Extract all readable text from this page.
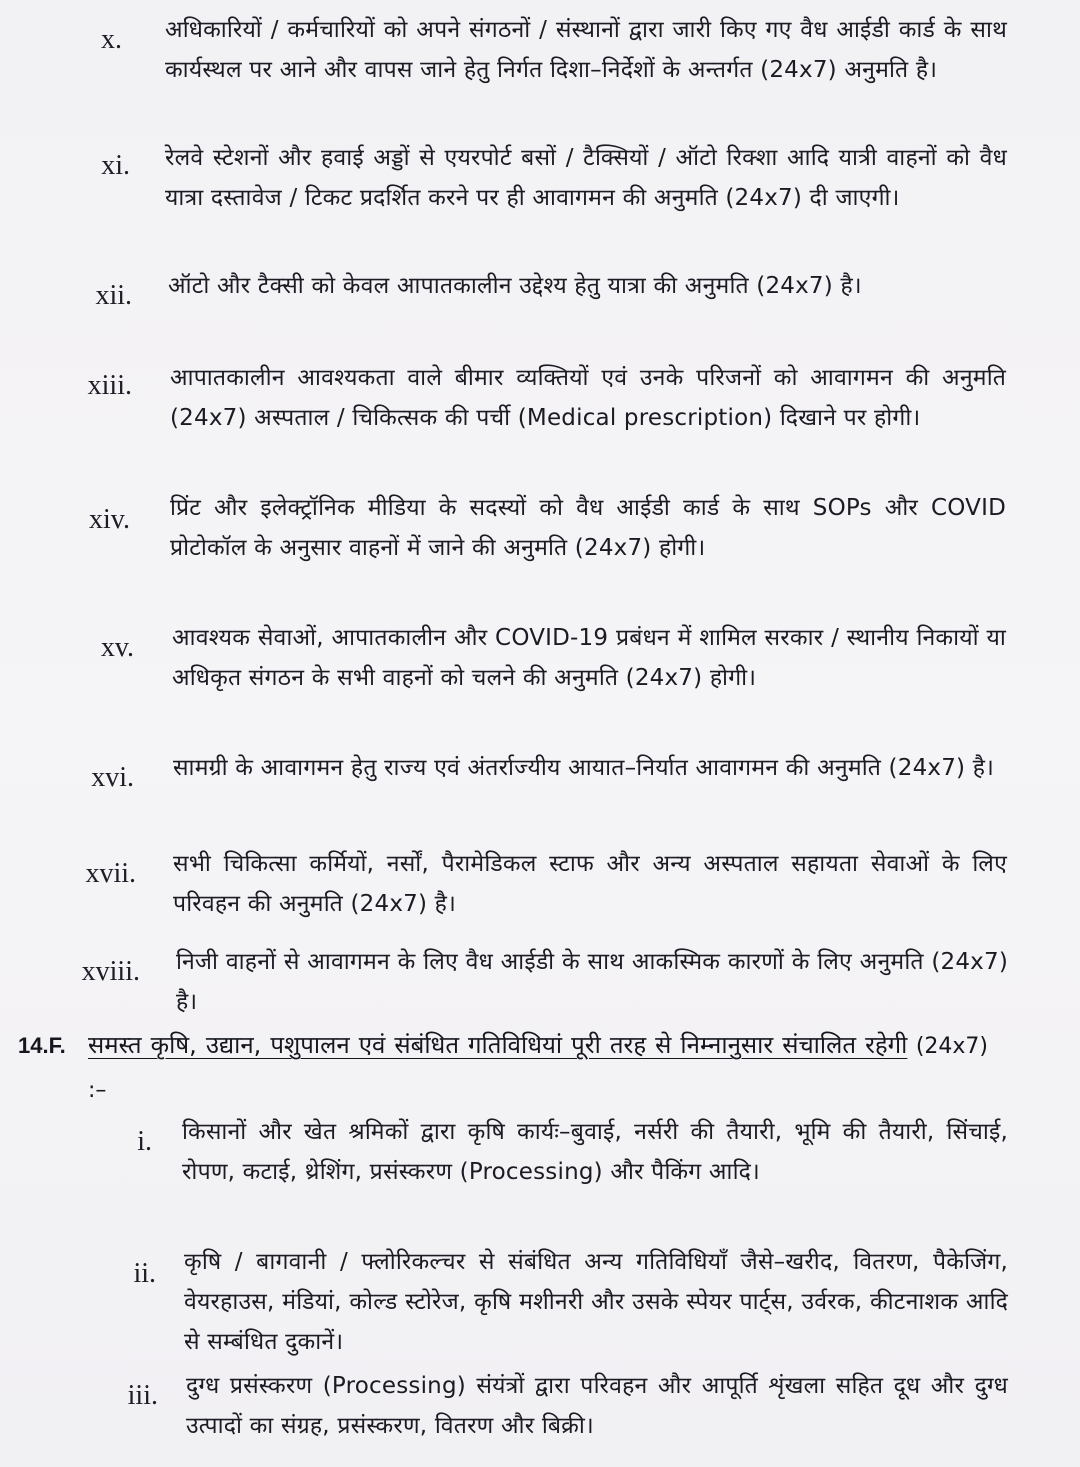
x. अधिकारियों / कर्मचारियों को अपने संगठनों / संस्थानों द्वारा जारी किए गए वैध आईडी कार्ड के साथ कार्यस्थल पर आने और वापस जाने हेतु निर्गत दिशा–निर्देशों के अन्तर्गत (24x7) अनुमति है।
xi. रेलवे स्टेशनों और हवाई अड्डों से एयरपोर्ट बसों / टैक्सियों / ऑटो रिक्शा आदि यात्री वाहनों को वैध यात्रा दस्तावेज / टिकट प्रदर्शित करने पर ही आवागमन की अनुमति (24x7) दी जाएगी।
xii. ऑटो और टैक्सी को केवल आपातकालीन उद्देश्य हेतु यात्रा की अनुमति (24x7) है।
xiii. आपातकालीन आवश्यकता वाले बीमार व्यक्तियों एवं उनके परिजनों को आवागमन की अनुमति (24x7) अस्पताल / चिकित्सक की पर्ची (Medical prescription) दिखाने पर होगी।
xiv. प्रिंट और इलेक्ट्रॉनिक मीडिया के सदस्यों को वैध आईडी कार्ड के साथ SOPs और COVID प्रोटोकॉल के अनुसार वाहनों में जाने की अनुमति (24x7) होगी।
xv. आवश्यक सेवाओं, आपातकालीन और COVID-19 प्रबंधन में शामिल सरकार / स्थानीय निकायों या अधिकृत संगठन के सभी वाहनों को चलने की अनुमति (24x7) होगी।
xvi. सामग्री के आवागमन हेतु राज्य एवं अंतर्राज्यीय आयात–निर्यात आवागमन की अनुमति (24x7) है।
xvii. सभी चिकित्सा कर्मियों, नर्सों, पैरामेडिकल स्टाफ और अन्य अस्पताल सहायता सेवाओं के लिए परिवहन की अनुमति (24x7) है।
xviii. निजी वाहनों से आवागमन के लिए वैध आईडी के साथ आकस्मिक कारणों के लिए अनुमति (24x7) है।
14.F. समस्त कृषि, उद्यान, पशुपालन एवं संबंधित गतिविधियां पूरी तरह से निम्नानुसार संचालित रहेगी (24x7) :–
i. किसानों और खेत श्रमिकों द्वारा कृषि कार्यः–बुवाई, नर्सरी की तैयारी, भूमि की तैयारी, सिंचाई, रोपण, कटाई, थ्रेशिंग, प्रसंस्करण (Processing) और पैकिंग आदि।
ii. कृषि / बागवानी / फ्लोरिकल्चर से संबंधित अन्य गतिविधियाँ जैसे–खरीद, वितरण, पैकेजिंग, वेयरहाउस, मंडियां, कोल्ड स्टोरेज, कृषि मशीनरी और उसके स्पेयर पार्ट्स, उर्वरक, कीटनाशक आदि से सम्बंधित दुकानें।
iii. दुग्ध प्रसंस्करण (Processing) संयंत्रों द्वारा परिवहन और आपूर्ति शृंखला सहित दूध और दुग्ध उत्पादों का संग्रह, प्रसंस्करण, वितरण और बिक्री।
